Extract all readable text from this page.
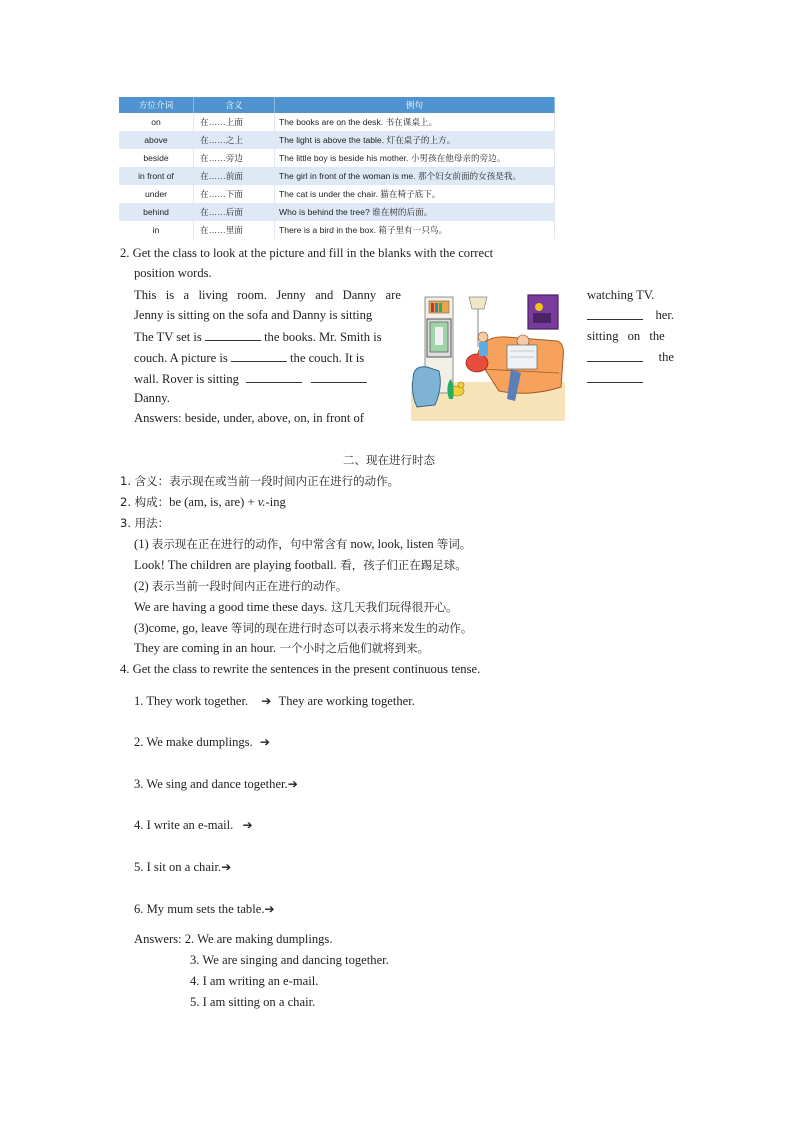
方位介词	含义	例句
on	在……上面	The books are on the desk. 书在课桌上。
above	在……之上	The light is above the table. 灯在桌子的上方。
beside	在……旁边	The little boy is beside his mother. 小男孩在他母亲的旁边。
in front of	在……前面	The girl in front of the woman is me. 那个妇女前面的女孩是我。
under	在……下面	The cat is under the chair. 猫在椅子底下。
behind	在……后面	Who is behind the tree? 谁在树的后面。
in	在……里面	There is a bird in the box. 箱子里有一只鸟。
2. Get the class to look at the picture and fill in the blanks with the correct
position words.
This is a living room. Jenny and Danny are	watching TV.
Jenny is sitting on the sofa and Danny is sitting	her.
The TV set is	the books. Mr. Smith is	sitting on the
couch. A picture is	the couch. It is	the
wall. Rover is sitting
Danny.
Answers: beside, under, above, on, in front of
二、现在进行时态
1. 含义：表示现在或当前一段时间内正在进行的动作。
2. 构成：be (am, is, are) + v.-ing
3. 用法：
(1) 表示现在正在进行的动作，句中常含有 now, look, listen 等词。
Look! The children are playing football. 看，孩子们正在踢足球。
(2) 表示当前一段时间内正在进行的动作。
We are having a good time these days. 这几天我们玩得很开心。
(3)come, go, leave 等词的现在进行时态可以表示将来发生的动作。
They are coming in an hour. 一个小时之后他们就将到来。
4. Get the class to rewrite the sentences in the present continuous tense.
1. They work together. ➔ They are working together.
2. We make dumplings. ➔
3. We sing and dance together.➔
4. I write an e-mail. ➔
5. I sit on a chair.➔
6. My mum sets the table.➔
Answers: 2. We are making dumplings.
3. We are singing and dancing together.
4. I am writing an e-mail.
5. I am sitting on a chair.
